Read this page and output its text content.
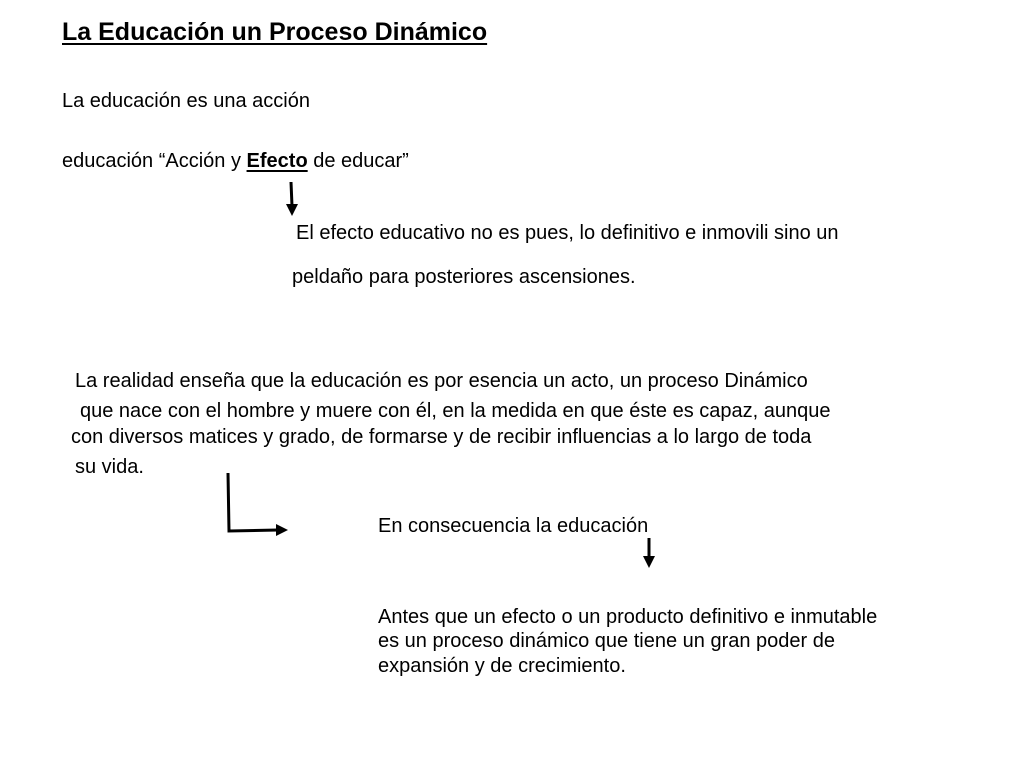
La Educación un Proceso Dinámico

La educación es una acción

educación “Acción y Efecto de educar”

El efecto educativo no es pues, lo definitivo e inmovili sino un

peldaño para posteriores ascensiones.

La realidad enseña que la educación es por esencia un acto, un proceso Dinámico

que nace con el hombre y muere con él, en la medida en que éste es capaz, aunque

con diversos matices y grado, de formarse y de recibir influencias a lo largo de toda

su vida.

En consecuencia la educación

Antes que un efecto o un producto definitivo e inmutable

es un proceso dinámico que tiene un gran poder de

expansión y de crecimiento.
